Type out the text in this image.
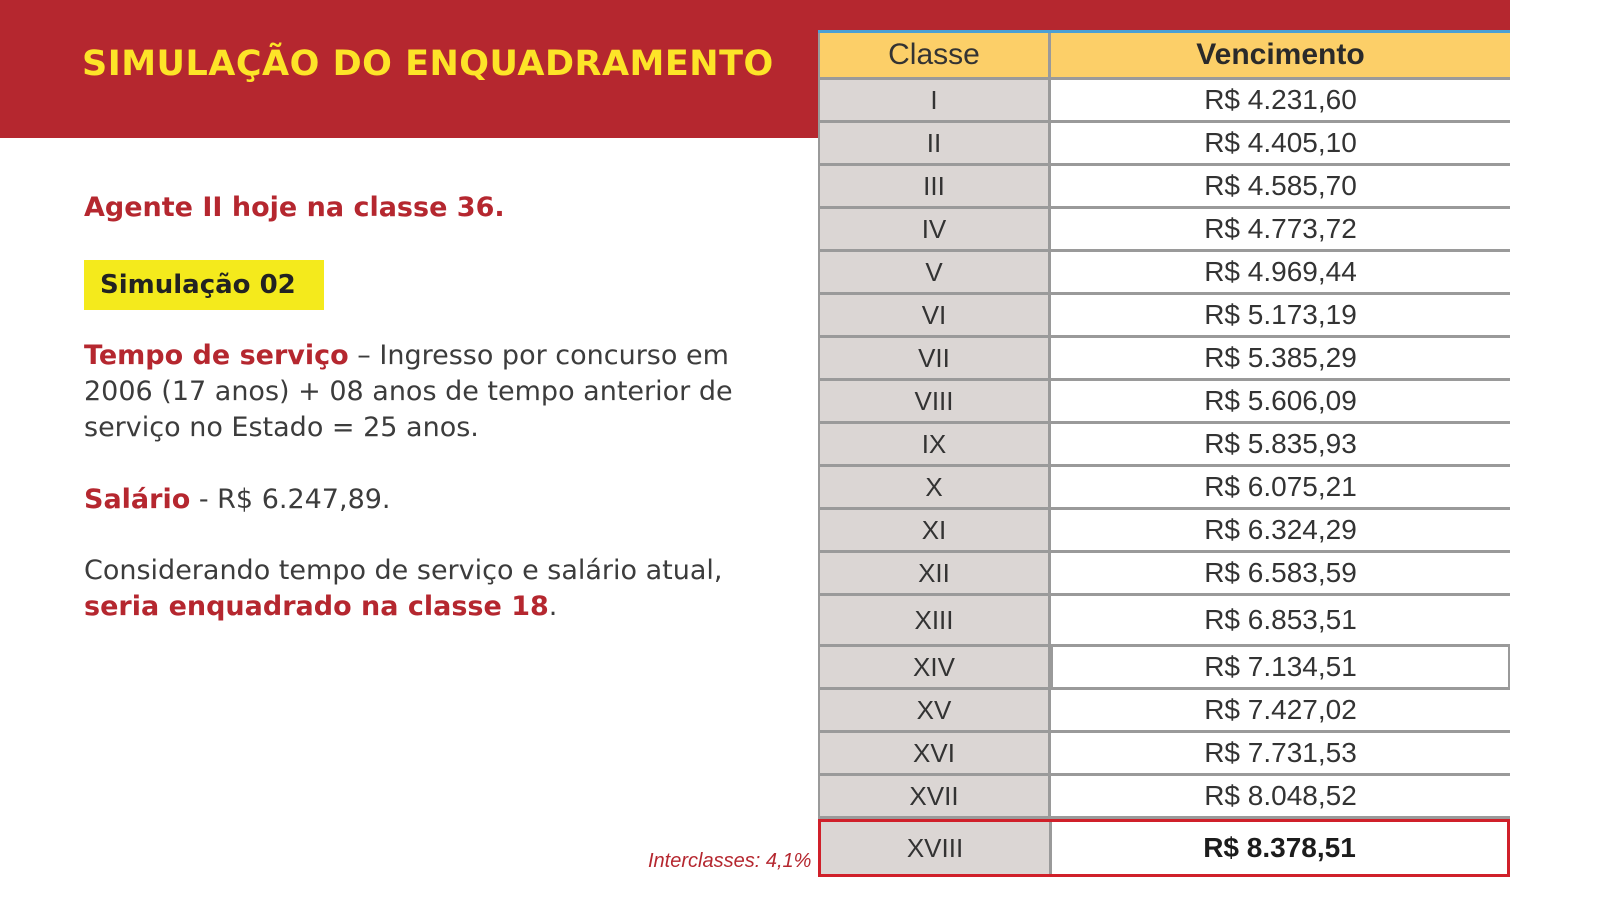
SIMULAÇÃO DO ENQUADRAMENTO
Agente II hoje na classe 36.
Simulação 02
Tempo de serviço – Ingresso por concurso em 2006 (17 anos) + 08 anos de tempo anterior de serviço no Estado = 25 anos.
Salário - R$ 6.247,89.
Considerando tempo de serviço e salário atual, seria enquadrado na classe 18.
Interclasses: 4,1%
Classe	Vencimento
I	R$ 4.231,60
II	R$ 4.405,10
III	R$ 4.585,70
IV	R$ 4.773,72
V	R$ 4.969,44
VI	R$ 5.173,19
VII	R$ 5.385,29
VIII	R$ 5.606,09
IX	R$ 5.835,93
X	R$ 6.075,21
XI	R$ 6.324,29
XII	R$ 6.583,59
XIII	R$ 6.853,51
XIV	R$ 7.134,51
XV	R$ 7.427,02
XVI	R$ 7.731,53
XVII	R$ 8.048,52
XVIII	R$ 8.378,51
